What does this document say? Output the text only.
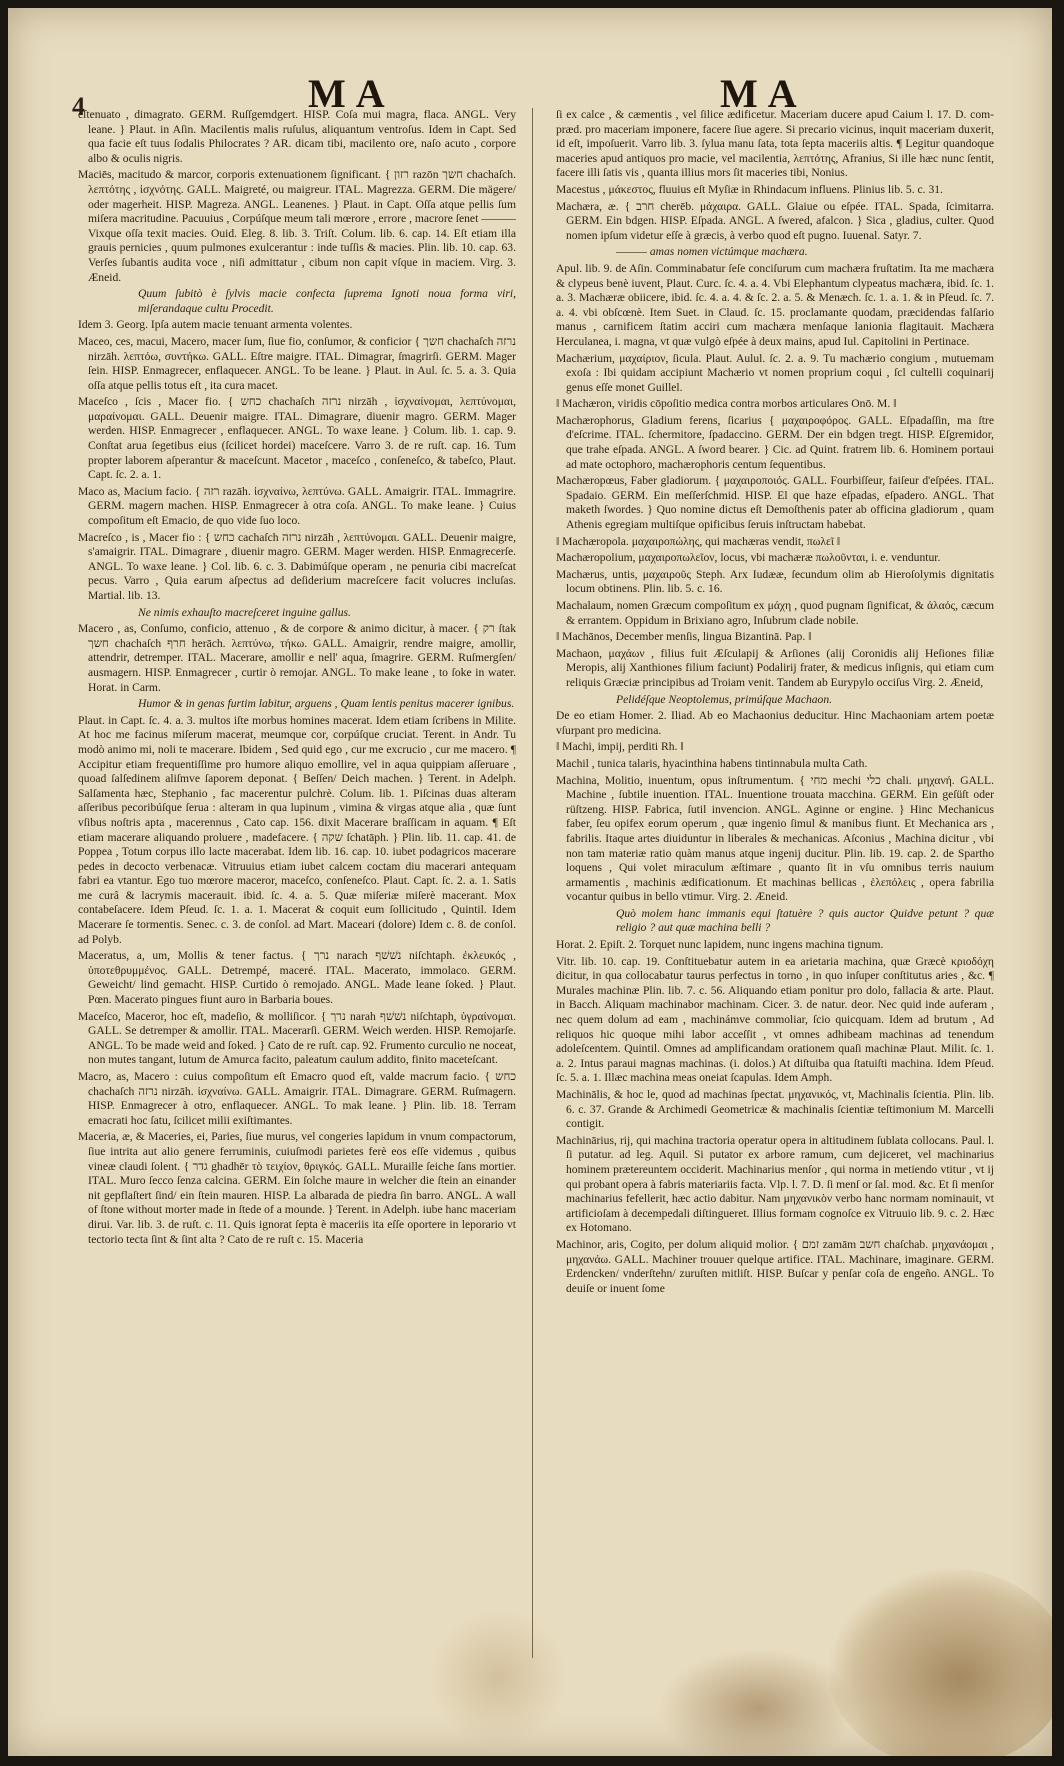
4	MA	MA

eſtenuato , dimagrato. GERM. Ruſſgemdgert. HISP. Coſa mui magra, flaca. ANGL. Very leane. } Plaut. in Aſin. Macilentis malis ruſulus, aliquantum ventroſus. Idem in Capt. Sed qua facie eſt tuus ſodalis Philocrates ? AR. dicam tibi, macilento ore, naſo acuto , corpore albo & oculis nigris.

Maciēs, macitudo & marcor, corporis extenuationem ſignificant. { רזון razōn חשך chachaſch. λεπτότης , ἰσχνότης. GALL. Maigreté, ou maigreur. ITAL. Magrezza. GERM. Die mägere/ oder magerheit. HISP. Magreza. ANGL. Leanenes. } Plaut. in Capt. Oſſa atque pellis ſum miſera macritudine. Pacuuius , Corpúſque meum tali mœrore , errore , macrore ſenet ——— Vixque oſſa texit macies. Ouid. Eleg. 8. lib. 3. Triſt. Colum. lib. 6. cap. 14. Eſt etiam illa grauis pernicies , quum pulmones exulcerantur : inde tuſſis & macies. Plin. lib. 10. cap. 63. Verſes ſubantis audita voce , niſi admittatur , cibum non capit vſque in maciem. Virg. 3. Æneid.

Quum ſubitò è ſylvis macie confecta ſuprema Ignoti noua forma viri, miſerandaque cultu Procedit.

Idem 3. Georg. Ipſa autem macie tenuant armenta volentes.

Maceo, ces, macui, Macero, macer ſum, ſiue fio, conſumor, & conficior { חשך chachaſch נרזה nirzāh. λεπτόω, συντήκω. GALL. Eſtre maigre. ITAL. Dimagrar, ſmagrirſi. GERM. Mager ſein. HISP. Enmagrecer, enflaquecer. ANGL. To be leane. } Plaut. in Aul. ſc. 5. a. 3. Quia oſſa atque pellis totus eſt , ita cura macet.

Maceſco , ſcis , Macer fio. { כחש chachaſch נרזה nirzāh , ἰσχναίνομαι, λεπτύνομαι, μαραίνομαι. GALL. Deuenir maigre. ITAL. Dimagrare, diuenir magro. GERM. Mager werden. HISP. Enmagrecer , enflaquecer. ANGL. To waxe leane. } Colum. lib. 1. cap. 9. Conſtat arua ſegetibus eius (ſcilicet hordei) maceſcere. Varro 3. de re ruſt. cap. 16. Tum propter laborem aſperantur & maceſcunt. Macetor , maceſco , conſeneſco, & tabeſco, Plaut. Capt. ſc. 2. a. 1.

Maco as, Macium facio. { רזה razāh. ἰσχναίνω, λεπτύνω. GALL. Amaigrir. ITAL. Immagrire. GERM. magern machen. HISP. Enmagrecer à otra coſa. ANGL. To make leane. } Cuius compoſitum eſt Emacio, de quo vide ſuo loco.

Macreſco , is , Macer fio : { כחש cachaſch נרזה nirzāh , λεπτύνομαι. GALL. Deuenir maigre, s'amaigrir. ITAL. Dimagrare , diuenir magro. GERM. Mager werden. HISP. Enmagrecerſe. ANGL. To waxe leane. } Col. lib. 6. c. 3. Dabimúſque operam , ne penuria cibi macreſcat pecus. Varro , Quia earum aſpectus ad deſiderium macreſcere facit volucres incluſas. Martial. lib. 13.

Ne nimis exhauſto macreſceret inguine gallus.

Macero , as, Conſumo, conficio, attenuo , & de corpore & animo dicitur, à macer. { רק ſtak חשך chachaſch חרף herāch. λεπτύνω, τήκω. GALL. Amaigrir, rendre maigre, amollir, attendrir, detremper. ITAL. Macerare, amollir e nell' aqua, ſmagrire. GERM. Ruſmergſen/ ausmagern. HISP. Enmagrecer , curtir ò remojar. ANGL. To make leane , to ſoke in water. Horat. in Carm.

Humor & in genas furtim labitur, arguens , Quam lentis penitus macerer ignibus.

Plaut. in Capt. ſc. 4. a. 3. multos iſte morbus homines macerat. Idem etiam ſcribens in Milite. At hoc me facinus miſerum macerat, meumque cor, corpúſque cruciat. Terent. in Andr. Tu modò animo mi, noli te macerare. Ibidem , Sed quid ego , cur me excrucio , cur me macero. ¶ Accipitur etiam frequentiſſime pro humore aliquo emollire, vel in aqua quippiam aſſeruare , quoad ſalſedinem aliſmve ſaporem deponat. { Beſſen/ Deich machen. } Terent. in Adelph. Salſamenta hæc, Stephanio , fac macerentur pulchrè. Colum. lib. 1. Piſcinas duas alteram aſſeribus pecoribúſque ſerua : alteram in qua lupinum , vimina & virgas atque alia , quæ ſunt vſibus noſtris apta , macerennus , Cato cap. 156. dixit Macerare braſſicam in aquam. ¶ Eſt etiam macerare aliquando proluere , madefacere. { שקה ſchatāph. } Plin. lib. 11. cap. 41. de Poppea , Totum corpus illo lacte macerabat. Idem lib. 16. cap. 10. iubet podagricos macerare pedes in decocto verbenacæ. Vitruuius etiam iubet calcem coctam diu macerari antequam fabri ea vtantur. Ego tuo mœrore maceror, maceſco, conſeneſco. Plaut. Capt. ſc. 2. a. 1. Satis me curâ & lacrymis macerauit. ibid. ſc. 4. a. 5. Quæ miſeriæ miſerè macerant. Mox contabeſacere. Idem Pſeud. ſc. 1. a. 1. Macerat & coquit eum ſollicitudo , Quintil. Idem Macerare ſe tormentis. Senec. c. 3. de conſol. ad Mart. Maceari (dolore) Idem c. 8. de conſol. ad Polyb.

Maceratus, a, um, Mollis & tener factus. { נרך narach נשׁשׁף niſchtaph. ἐκλευκός , ὑποτεθρυμμένος. GALL. Detrempé, maceré. ITAL. Macerato, immolaco. GERM. Geweicht/ lind gemacht. HISP. Curtido ò remojado. ANGL. Made leane ſoked. } Plaut. Pœn. Macerato pingues fiunt auro in Barbaria boues.

Maceſco, Maceror, hoc eſt, madeſio, & molliſicor. { נרך narah נשׁשׁף niſchtaph, ὑγραίνομαι. GALL. Se detremper & amollir. ITAL. Macerarſi. GERM. Weich werden. HISP. Remojarſe. ANGL. To be made weid and ſoked. } Cato de re ruſt. cap. 92. Frumento curculio ne noceat, non mutes tangant, lutum de Amurca facito, paleatum caulum addito, finito maceteſcant.

Macro, as, Macero : cuius compoſitum eſt Emacro quod eſt, valde macrum facio. { כחש chachaſch נרזה nirzāh. ἰσχναίνω. GALL. Amaigrir. ITAL. Dimagrare. GERM. Ruſmagern. HISP. Enmagrecer à otro, enflaquecer. ANGL. To mak leane. } Plin. lib. 18. Terram emacrati hoc ſatu, ſcilicet milii exiſtimantes.

Maceria, æ, & Maceries, ei, Paries, ſiue murus, vel congeries lapidum in vnum compactorum, ſiue intrita aut alio genere ferruminis, cuiuſmodi parietes ferè eos eſſe videmus , quibus vineæ claudi ſolent. { גדר ghadhēr τὸ τειχίον, θριγκός. GALL. Muraille ſeiche ſans mortier. ITAL. Muro ſecco ſenza calcina. GERM. Ein ſolche maure in welcher die ſtein an einander nit gepflaſtert ſind/ ein ſtein mauren. HISP. La albarada de piedra ſin barro. ANGL. A wall of ſtone without morter made in ſtede of a mounde. } Terent. in Adelph. iube hanc maceriam dirui. Var. lib. 3. de ruſt. c. 11. Quis ignorat ſepta è maceriis ita eſſe oportere in leporario vt tectorio tecta ſint & ſint alta ? Cato de re ruſt c. 15. Maceria

ſi ex calce , & cæmentis , vel ſilice ædificetur. Maceriam ducere apud Caium l. 17. D. com-præd. pro maceriam imponere, facere ſiue agere. Si precario vicinus, inquit maceriam duxerit, id eſt, impoſuerit. Varro lib. 3. ſylua manu ſata, tota ſepta maceriis altis. ¶ Legitur quandoque maceries apud antiquos pro macie, vel macilentia, λεπτότης, Afranius, Si ille hæc nunc ſentit, facere illi ſatis vis , quanta illius mors ſit maceries tibi, Nonius.

Macestus , μάκεστος, fluuius eſt Myſiæ in Rhindacum influens. Plinius lib. 5. c. 31.

Machæra, æ. { חרב cherēb. μάχαιρα. GALL. Glaiue ou eſpée. ITAL. Spada, ſcimitarra. GERM. Ein bdgen. HISP. Eſpada. ANGL. A ſwered, afalcon. } Sica , gladius, culter. Quod nomen ipſum videtur eſſe à græcis, à verbo quod eſt pugno. Iuuenal. Satyr. 7.

——— amas nomen victúmque machæra.

Apul. lib. 9. de Aſin. Comminabatur ſeſe conciſurum cum machæra fruſtatim. Ita me machæra & clypeus benè iuvent, Plaut. Curc. ſc. 4. a. 4. Vbi Elephantum clypeatus machæra, ibid. ſc. 1. a. 3. Machæræ obiicere, ibid. ſc. 4. a. 4. & ſc. 2. a. 5. & Menæch. ſc. 1. a. 1. & in Pſeud. ſc. 7. a. 4. vbi obſcœnè. Item Suet. in Claud. ſc. 15. proclamante quodam, præcidendas falſario manus , carnificem ſtatim acciri cum machæra menſaque lanionia flagitauit. Machæra Herculanea, i. magna, vt quæ vulgò eſpée à deux mains, apud Iul. Capitolini in Pertinace.

Machærium, μαχαίριον, ſicula. Plaut. Aulul. ſc. 2. a. 9. Tu machærio congium , mutuemam exoſa : Ibi quidam accipiunt Machærio vt nomen proprium coqui , ſcl cultelli coquinarij genus eſſe monet Guillel.

‖ Machæron, viridis cōpoſitio medica contra morbos articulares Onō. M. ‖

Machærophorus, Gladium ferens, ſicarius { μαχαιροφόρος. GALL. Eſpadaſſin, ma ſtre d'eſcrime. ITAL. ſchermitore, ſpadaccino. GERM. Der ein bdgen tregt. HISP. Eſgremidor, que trahe eſpada. ANGL. A ſword bearer. } Cic. ad Quint. fratrem lib. 6. Hominem portaui ad mate octophoro, machærophoris centum ſequentibus.

Machæropœus, Faber gladiorum. { μαχαιροποιός. GALL. Fourbiſſeur, faiſeur d'eſpées. ITAL. Spadaio. GERM. Ein meſſerſchmid. HISP. El que haze eſpadas, eſpadero. ANGL. That maketh ſwordes. } Quo nomine dictus eſt Demoſthenis pater ab officina gladiorum , quam Athenis egregiam multiſque opificibus ſeruis inſtructam habebat.

‖ Machæropola. μαχαιροπώλης, qui machæras vendit, πωλεῖ ‖

Machæropolium, μαχαιροπωλεῖον, locus, vbi machæræ πωλοῦνται, i. e. venduntur.

Machærus, untis, μαχαιροῦς Steph. Arx Iudææ, ſecundum olim ab Hieroſolymis dignitatis locum obtinens. Plin. lib. 5. c. 16.

Machalaum, nomen Græcum compoſitum ex μάχη , quod pugnam ſignificat, & ἀλαός, cæcum & errantem. Oppidum in Brixiano agro, Inſubrum clade nobile.

‖ Machānos, December menſis, lingua Bizantinā. Pap. ‖

Machaon, μαχάων , filius fuit Æſculapij & Arſiones (alij Coronidis alij Heſiones filiæ Meropis, alij Xanthiones filium faciunt) Podalirij frater, & medicus inſignis, qui etiam cum reliquis Græciæ principibus ad Troiam venit. Tandem ab Eurypylo occiſus Virg. 2. Æneid,

Pelidéſque Neoptolemus, primúſque Machaon.

De eo etiam Homer. 2. Iliad. Ab eo Machaonius deducitur. Hinc Machaoniam artem poetæ vſurpant pro medicina.

‖ Machi, impij, perditi Rh. ‖

Machil , tunica talaris, hyacinthina habens tintinnabula multa Cath.

Machina, Molitio, inuentum, opus inſtrumentum. { מחי mechi כלי chali. μηχανή. GALL. Machine , ſubtile inuention. ITAL. Inuentione trouata macchina. GERM. Ein geſüſt oder rüſtzeng. HISP. Fabrica, ſutil invencion. ANGL. Aginne or engine. } Hinc Mechanicus faber, ſeu opifex eorum operum , quæ ingenio ſimul & manibus fiunt. Et Mechanica ars , fabrilis. Itaque artes diuiduntur in liberales & mechanicas. Aſconius , Machina dicitur , vbi non tam materiæ ratio quàm manus atque ingenij ducitur. Plin. lib. 19. cap. 2. de Spartho loquens , Qui volet miraculum æſtimare , quanto ſit in vſu omnibus terris nauium armamentis , machinis ædificationum. Et machinas bellicas , ἑλεπόλεις , opera fabrilia vocantur quibus in bello vtimur. Virg. 2. Æneid.

Quò molem hanc immanis equi ſtatuère ? quis auctor Quidve petunt ? quæ religio ? aut quæ machina belli ?

Horat. 2. Epiſt. 2. Torquet nunc lapidem, nunc ingens machina tignum.

Vitr. lib. 10. cap. 19. Conſtituebatur autem in ea arietaria machina, quæ Græcè κριοδόχη dicitur, in qua collocabatur taurus perfectus in torno , in quo inſuper conſtitutus aries , &c. ¶ Murales machinæ Plin. lib. 7. c. 56. Aliquando etiam ponitur pro dolo, fallacia & arte. Plaut. in Bacch. Aliquam machinabor machinam. Cicer. 3. de natur. deor. Nec quid inde auferam , nec quem dolum ad eam , machinámve commoliar, ſcio quicquam. Idem ad brutum , Ad reliquos hic quoque mihi labor acceſſit , vt omnes adhibeam machinas ad tenendum adoleſcentem. Quintil. Omnes ad amplificandam orationem quaſi machinæ Plaut. Milit. ſc. 1. a. 2. Intus paraui magnas machinas. (i. dolos.) At diſtuiba qua ſtatuiſti machina. Idem Pſeud. ſc. 5. a. 1. Illæc machina meas oneiat ſcapulas. Idem Amph.

Machinālis, & hoc le, quod ad machinas ſpectat. μηχανικός, vt, Machinalis ſcientia. Plin. lib. 6. c. 37. Grande & Archimedi Geometricæ & machinalis ſcientiæ teſtimonium M. Marcelli contigit.

Machinārius, rij, qui machina tractoria operatur opera in altitudinem ſublata collocans. Paul. l. ſi putatur. ad leg. Aquil. Si putator ex arbore ramum, cum dejiceret, vel machinarius hominem prætereuntem occiderit. Machinarius menſor , qui norma in metiendo vtitur , vt ij qui probant opera à fabris materiariis facta. Vlp. l. 7. D. ſi menſ or ſal. mod. &c. Et ſi menſor machinarius fefellerit, hæc actio dabitur. Nam μηχανικὸν verbo hanc normam nominauit, vt artificioſam à decempedali diſtingueret. Illius formam cognoſce ex Vitruuio lib. 9. c. 2. Hæc ex Hotomano.

Machinor, aris, Cogito, per dolum aliquid molior. { זמם zamām חשב chaſchab. μηχανάομαι , μηχανάω. GALL. Machiner trouuer quelque artifice. ITAL. Machinare, imaginare. GERM. Erdencken/ vnderſtehn/ zuruſten mitliſt. HISP. Buſcar y penſar coſa de engeño. ANGL. To deuiſe or inuent ſome
